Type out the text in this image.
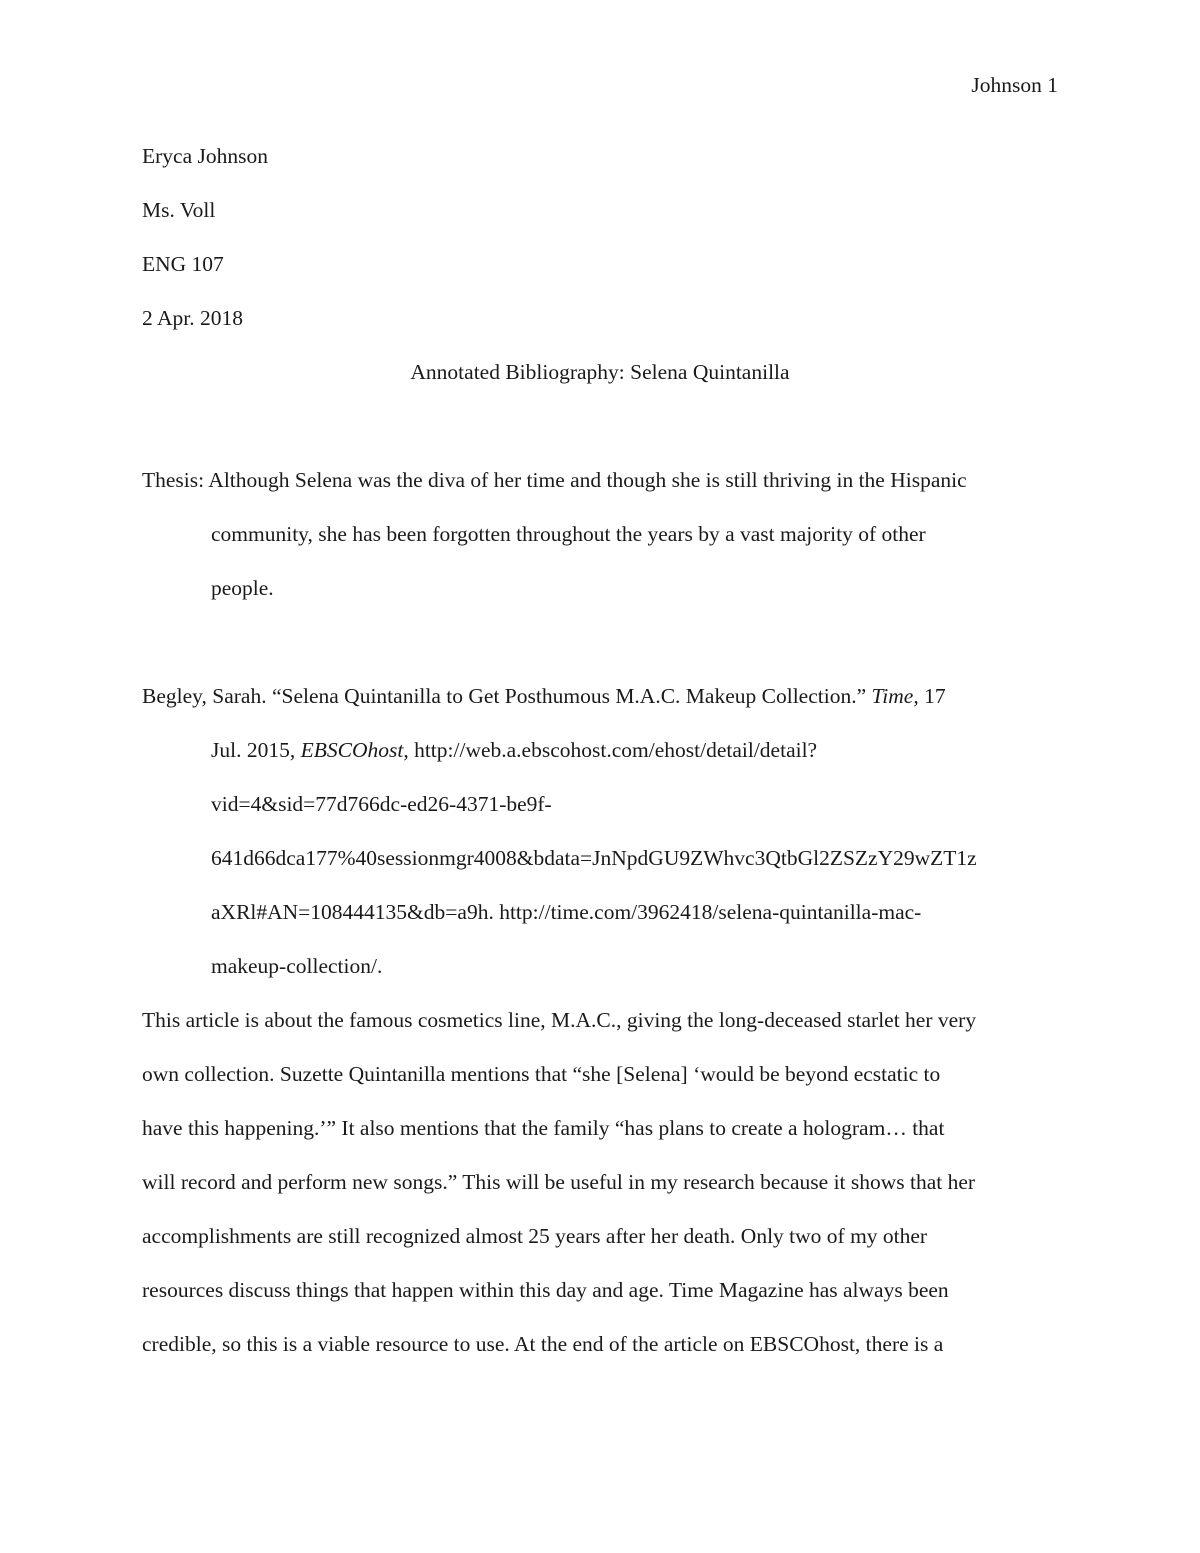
Johnson 1
Eryca Johnson
Ms. Voll
ENG 107
2 Apr. 2018
Annotated Bibliography: Selena Quintanilla
Thesis: Although Selena was the diva of her time and though she is still thriving in the Hispanic
community, she has been forgotten throughout the years by a vast majority of other
people.
Begley, Sarah. “Selena Quintanilla to Get Posthumous M.A.C. Makeup Collection.” Time, 17
Jul. 2015, EBSCOhost, http://web.a.ebscohost.com/ehost/detail/detail?
vid=4&sid=77d766dc-ed26-4371-be9f-
641d66dca177%40sessionmgr4008&bdata=JnNpdGU9ZWhvc3QtbGl2ZSZzY29wZT1z
aXRl#AN=108444135&db=a9h. http://time.com/3962418/selena-quintanilla-mac-
makeup-collection/.
This article is about the famous cosmetics line, M.A.C., giving the long-deceased starlet her very
own collection. Suzette Quintanilla mentions that “she [Selena] ‘would be beyond ecstatic to
have this happening.’” It also mentions that the family “has plans to create a hologram… that
will record and perform new songs.” This will be useful in my research because it shows that her
accomplishments are still recognized almost 25 years after her death. Only two of my other
resources discuss things that happen within this day and age. Time Magazine has always been
credible, so this is a viable resource to use. At the end of the article on EBSCOhost, there is a
